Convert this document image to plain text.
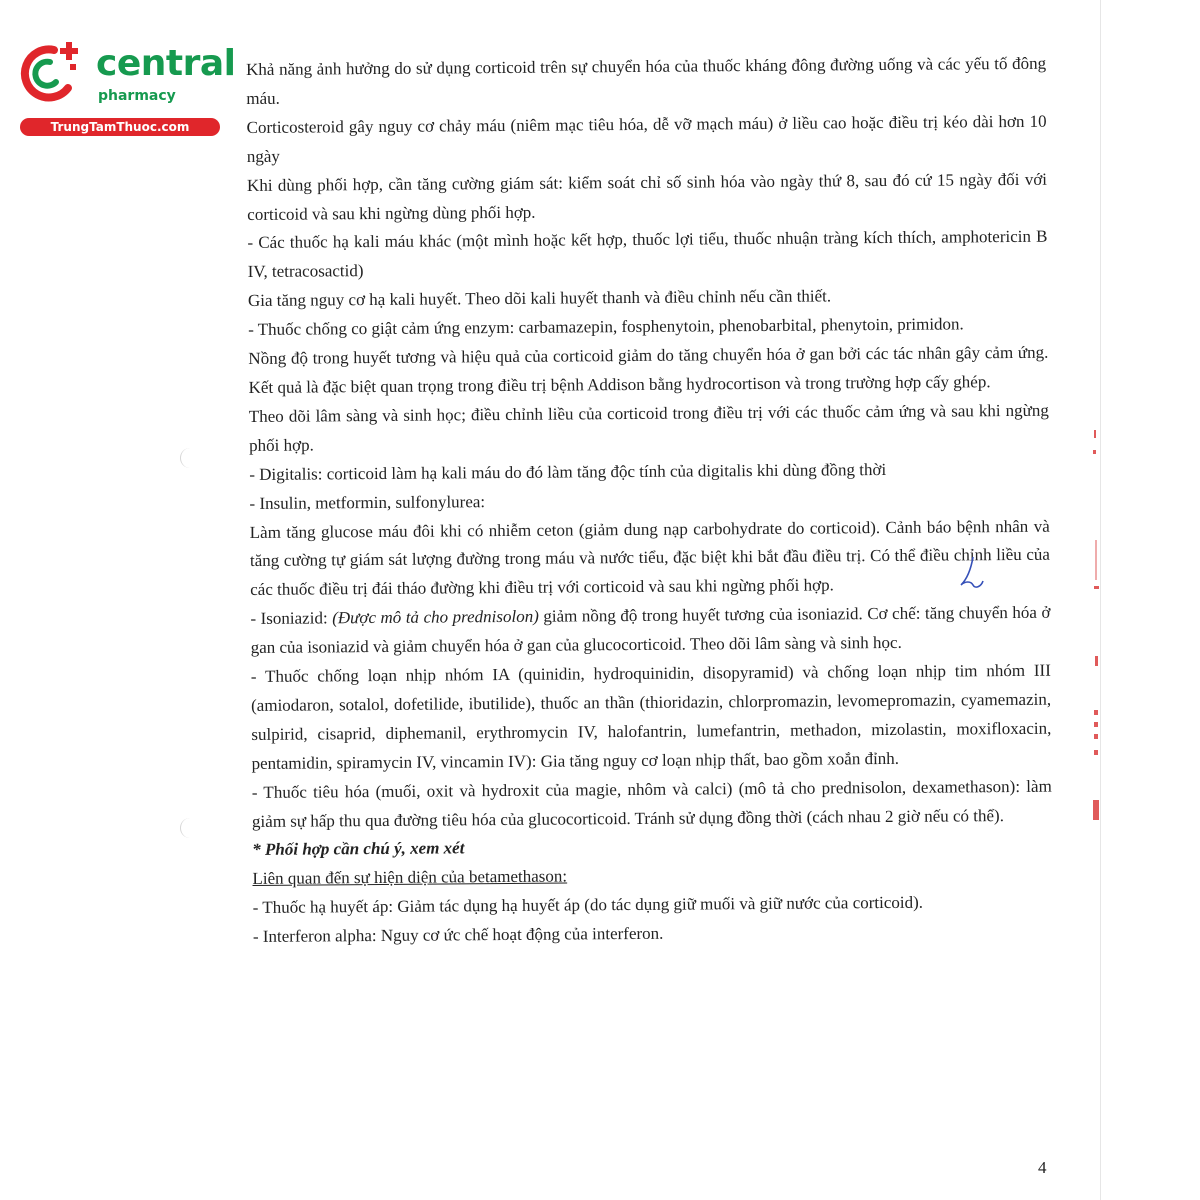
central
pharmacy
TrungTamThuoc.com

Khả năng ảnh hưởng do sử dụng corticoid trên sự chuyển hóa của thuốc kháng đông đường uống và các yếu tố đông máu.

Corticosteroid gây nguy cơ chảy máu (niêm mạc tiêu hóa, dễ vỡ mạch máu) ở liều cao hoặc điều trị kéo dài hơn 10 ngày

Khi dùng phối hợp, cần tăng cường giám sát: kiểm soát chỉ số sinh hóa vào ngày thứ 8, sau đó cứ 15 ngày đối với corticoid và sau khi ngừng dùng phối hợp.

- Các thuốc hạ kali máu khác (một mình hoặc kết hợp, thuốc lợi tiểu, thuốc nhuận tràng kích thích, amphotericin B IV, tetracosactid)

Gia tăng nguy cơ hạ kali huyết. Theo dõi kali huyết thanh và điều chỉnh nếu cần thiết.

- Thuốc chống co giật cảm ứng enzym: carbamazepin, fosphenytoin, phenobarbital, phenytoin, primidon.

Nồng độ trong huyết tương và hiệu quả của corticoid giảm do tăng chuyển hóa ở gan bởi các tác nhân gây cảm ứng. Kết quả là đặc biệt quan trọng trong điều trị bệnh Addison bằng hydrocortison và trong trường hợp cấy ghép.

Theo dõi lâm sàng và sinh học; điều chỉnh liều của corticoid trong điều trị với các thuốc cảm ứng và sau khi ngừng phối hợp.

- Digitalis: corticoid làm hạ kali máu do đó làm tăng độc tính của digitalis khi dùng đồng thời

- Insulin, metformin, sulfonylurea:

Làm tăng glucose máu đôi khi có nhiễm ceton (giảm dung nạp carbohydrate do corticoid). Cảnh báo bệnh nhân và tăng cường tự giám sát lượng đường trong máu và nước tiểu, đặc biệt khi bắt đầu điều trị. Có thể điều chỉnh liều của các thuốc điều trị đái tháo đường khi điều trị với corticoid và sau khi ngừng phối hợp.

- Isoniazid: (Được mô tả cho prednisolon) giảm nồng độ trong huyết tương của isoniazid. Cơ chế: tăng chuyển hóa ở gan của isoniazid và giảm chuyển hóa ở gan của glucocorticoid. Theo dõi lâm sàng và sinh học.

- Thuốc chống loạn nhịp nhóm IA (quinidin, hydroquinidin, disopyramid) và chống loạn nhịp tim nhóm III (amiodaron, sotalol, dofetilide, ibutilide), thuốc an thần (thioridazin, chlorpromazin, levomepromazin, cyamemazin, sulpirid, cisaprid, diphemanil, erythromycin IV, halofantrin, lumefantrin, methadon, mizolastin, moxifloxacin, pentamidin, spiramycin IV, vincamin IV): Gia tăng nguy cơ loạn nhịp thất, bao gồm xoắn đỉnh.

- Thuốc tiêu hóa (muối, oxit và hydroxit của magie, nhôm và calci) (mô tả cho prednisolon, dexamethason): làm giảm sự hấp thu qua đường tiêu hóa của glucocorticoid. Tránh sử dụng đồng thời (cách nhau 2 giờ nếu có thể).

* Phối hợp cần chú ý, xem xét

Liên quan đến sự hiện diện của betamethason:

- Thuốc hạ huyết áp: Giảm tác dụng hạ huyết áp (do tác dụng giữ muối và giữ nước của corticoid).

- Interferon alpha: Nguy cơ ức chế hoạt động của interferon.

4
